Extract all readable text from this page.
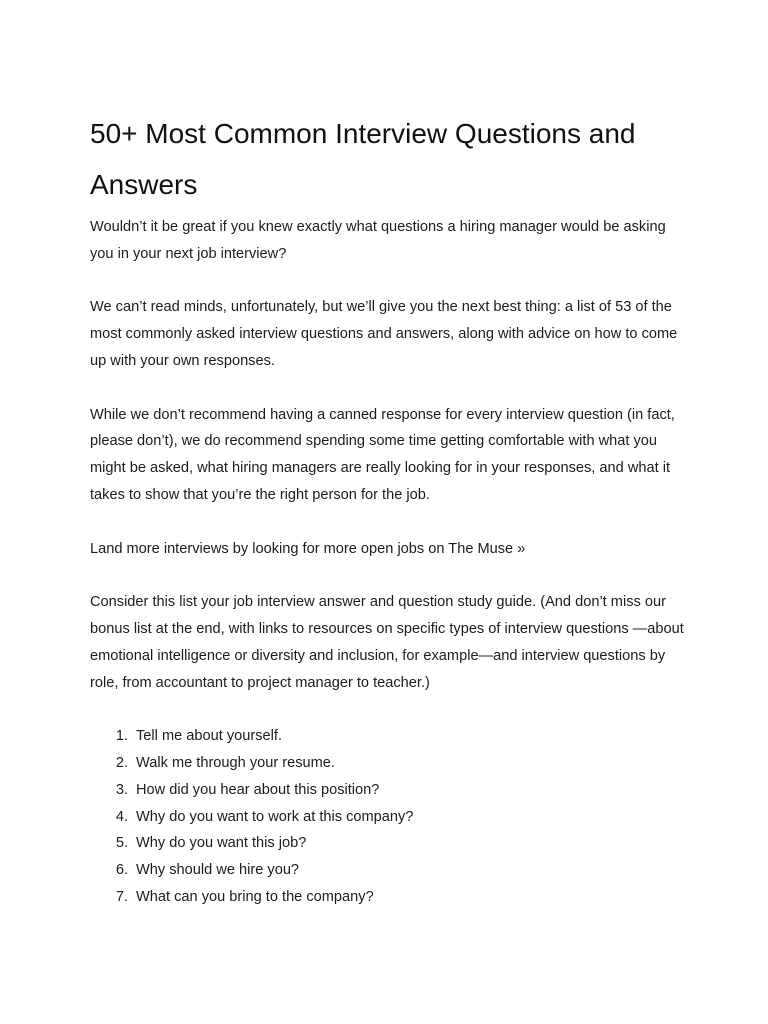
50+ Most Common Interview Questions and Answers

Wouldn’t it be great if you knew exactly what questions a hiring manager would be asking you in your next job interview?

We can’t read minds, unfortunately, but we’ll give you the next best thing: a list of 53 of the most commonly asked interview questions and answers, along with advice on how to come up with your own responses.

While we don’t recommend having a canned response for every interview question (in fact, please don’t), we do recommend spending some time getting comfortable with what you might be asked, what hiring managers are really looking for in your responses, and what it takes to show that you’re the right person for the job.

Land more interviews by looking for more open jobs on The Muse »

Consider this list your job interview answer and question study guide. (And don’t miss our bonus list at the end, with links to resources on specific types of interview questions —about emotional intelligence or diversity and inclusion, for example—and interview questions by role, from accountant to project manager to teacher.)

1. Tell me about yourself.
2. Walk me through your resume.
3. How did you hear about this position?
4. Why do you want to work at this company?
5. Why do you want this job?
6. Why should we hire you?
7. What can you bring to the company?
